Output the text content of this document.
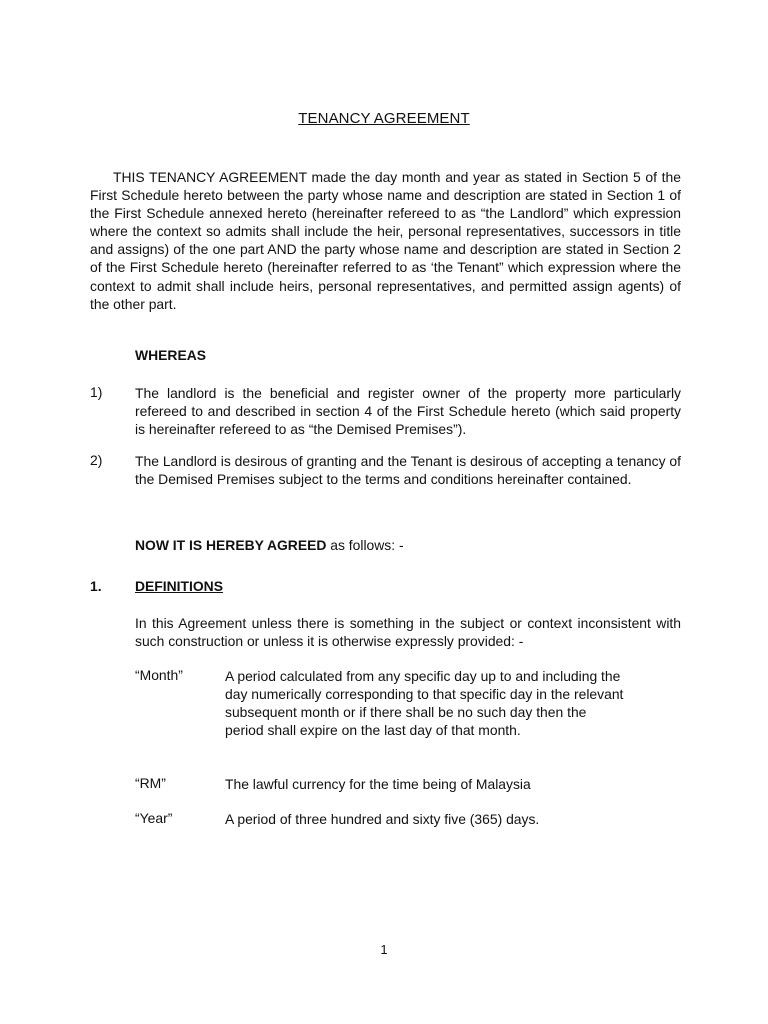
TENANCY AGREEMENT
THIS TENANCY AGREEMENT made the day month and year as stated in Section 5 of the First Schedule hereto between the party whose name and description are stated in Section 1 of the First Schedule annexed hereto (hereinafter refereed to as “the Landlord” which expression where the context so admits shall include the heir, personal representatives, successors in title and assigns) of the one part AND the party whose name and description are stated in Section 2 of the First Schedule hereto (hereinafter referred to as ‘the Tenant” which expression where the context to admit shall include heirs, personal representatives, and permitted assign agents) of the other part.
WHEREAS
1) The landlord is the beneficial and register owner of the property more particularly refereed to and described in section 4 of the First Schedule hereto (which said property is hereinafter refereed to as “the Demised Premises”).
2) The Landlord is desirous of granting and the Tenant is desirous of accepting a tenancy of the Demised Premises subject to the terms and conditions hereinafter contained.
NOW IT IS HEREBY AGREED as follows: -
1. DEFINITIONS
In this Agreement unless there is something in the subject or context inconsistent with such construction or unless it is otherwise expressly provided: -
“Month”	A period calculated from any specific day up to and including the day numerically corresponding to that specific day in the relevant subsequent month or if there shall be no such day then the period shall expire on the last day of that month.
“RM”	The lawful currency for the time being of Malaysia
“Year”	A period of three hundred and sixty five (365) days.
1
